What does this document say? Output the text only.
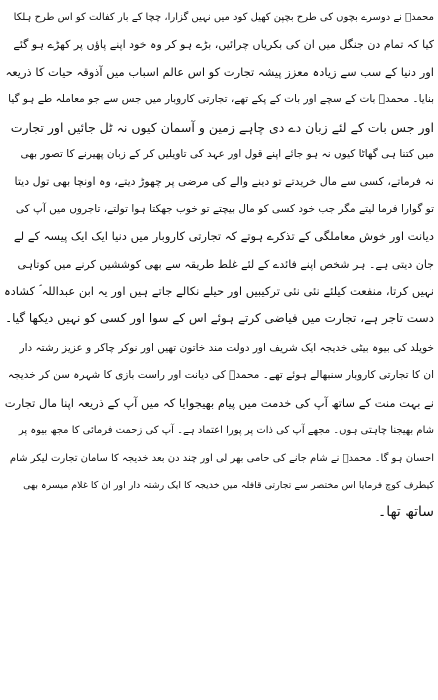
محمدؐ نے دوسرے بچوں کی طرح بچپن کھیل کود میں نہیں گزارا، چچا کے بار کفالت کو اس طرح ہلکا
کیا کہ تمام دن جنگل میں ان کی بکریاں چرائیں، بڑے ہو کر وہ خود اپنے پاؤں پر کھڑے ہو گئے
اور دنیا کے سب سے زیادہ معزز پیشہ تجارت کو اس عالم اسباب میں آذوقہ حیات کا ذریعہ
بنایا۔ محمدؐ بات کے سچے اور بات کے پکے تھے، تجارتی کاروبار میں جس سے جو معاملہ طے ہو گیا
اور جس بات کے لئے زبان دے دی چاہے زمین و آسمان کیوں نہ ٹل جائیں اور تجارت
میں کتنا ہی گھاٹا کیوں نہ ہو جائے اپنے قول اور عہد کی تاویلیں کر کے زبان پھیرنے کا تصور بھی
نہ فرماتے، کسی سے مال خریدتے تو دینے والے کی مرضی پر چھوڑ دیتے، وہ اونچا بھی تول دیتا
تو گوارا فرما لیتے مگر جب خود کسی کو مال بیچتے تو خوب جھکتا ہوا تولتے، تاجروں میں آپ کی
دیانت اور خوش معاملگی کے تذکرے ہوتے کہ تجارتی کاروبار میں دنیا ایک ایک پیسہ کے لے
جان دیتی ہے۔ ہر شخص اپنے فائدے کے لئے غلط طریقہ سے بھی کوششیں کرنے میں کوتاہی
نہیں کرتا، منفعت کیلئے نئی نئی ترکیبیں اور حیلے نکالے جاتے ہیں اور یہ ابن عبداللہ ؐ کشادہ
دست تاجر ہے، تجارت میں فیاضی کرتے ہوئے اس کے سوا اور کسی کو نہیں دیکھا گیا۔

خویلد کی بیوہ بیٹی خدیجہ ایک شریف اور دولت مند خاتون تھیں اور نوکر چاکر و عزیز رشتہ دار
ان کا تجارتی کاروبار سنبھالے ہوئے تھے۔ محمدؐ کی دیانت اور راست بازی کا شہرہ سن کر خدیجہ
نے بہت منت کے ساتھ آپ کی خدمت میں پیام بھیجوایا کہ میں آپ کے ذریعہ اپنا مال تجارت
شام بھیجنا چاہتی ہوں۔ مجھے آپ کی ذات پر پورا اعتماد ہے۔ آپ کی زحمت فرمائی کا مجھ بیوہ پر
احسان ہو گا۔ محمدؐ نے شام جانے کی حامی بھر لی اور چند دن بعد خدیجہ کا سامان تجارت لیکر شام
کیطرف کوچ فرمایا اس مختصر سے تجارتی قافلہ میں خدیجہ کا ایک رشتہ دار اور ان کا غلام میسرہ بھی
ساتھ تھا۔
